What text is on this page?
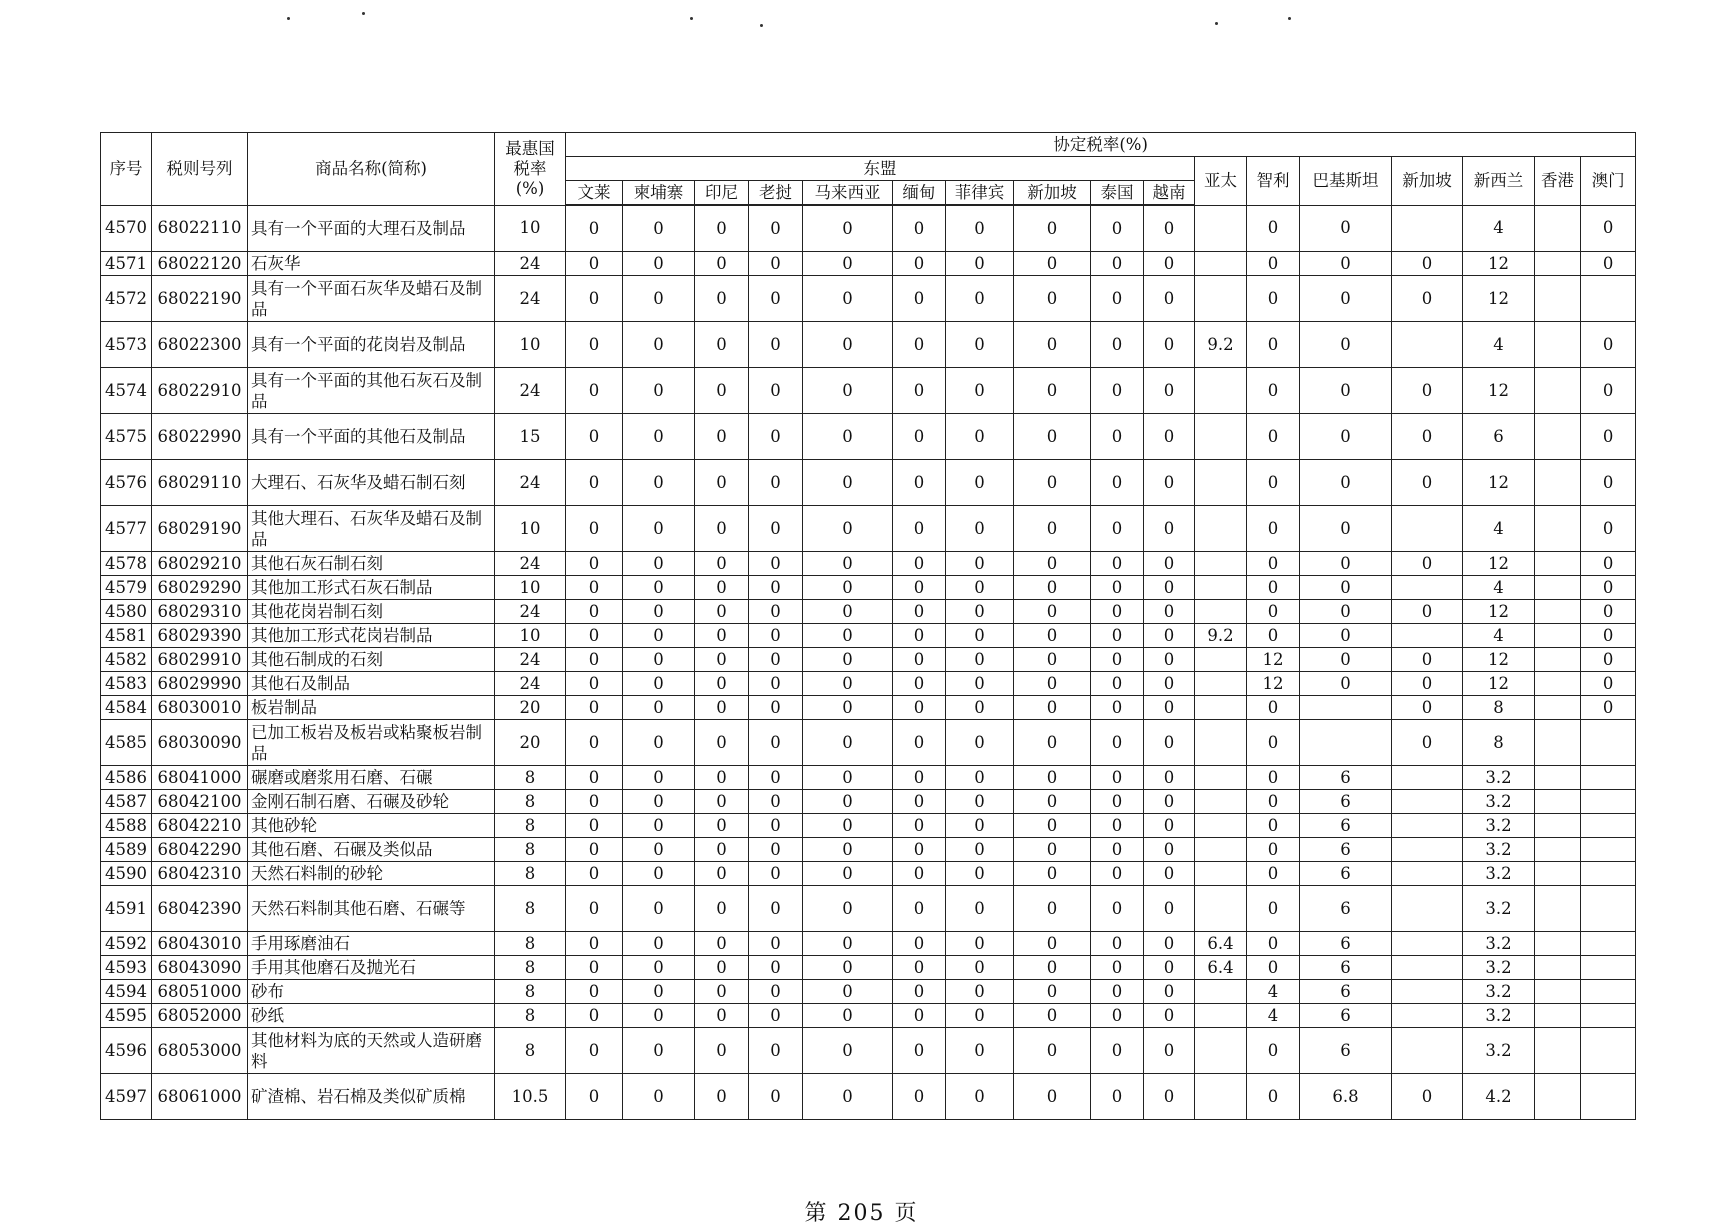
序号	税则号列	商品名称(简称)	最惠国
税率
(%)	协定税率(%)																
				东盟										亚太	智利	巴基斯坦	新加坡	新西兰	香港	澳门
				文莱	柬埔寨	印尼	老挝	马来西亚	缅甸	菲律宾	新加坡	泰国	越南							
4570	68022110	具有一个平面的大理石及制品	10	0	0	0	0	0	0	0	0	0	0		0	0		4		0
4571	68022120	石灰华	24	0	0	0	0	0	0	0	0	0	0		0	0	0	12		0
4572	68022190	具有一个平面石灰华及蜡石及制品	24	0	0	0	0	0	0	0	0	0	0		0	0	0	12		
4573	68022300	具有一个平面的花岗岩及制品	10	0	0	0	0	0	0	0	0	0	0	9.2	0	0		4		0
4574	68022910	具有一个平面的其他石灰石及制品	24	0	0	0	0	0	0	0	0	0	0		0	0	0	12		0
4575	68022990	具有一个平面的其他石及制品	15	0	0	0	0	0	0	0	0	0	0		0	0	0	6		0
4576	68029110	大理石、石灰华及蜡石制石刻	24	0	0	0	0	0	0	0	0	0	0		0	0	0	12		0
4577	68029190	其他大理石、石灰华及蜡石及制品	10	0	0	0	0	0	0	0	0	0	0		0	0		4		0
4578	68029210	其他石灰石制石刻	24	0	0	0	0	0	0	0	0	0	0		0	0	0	12		0
4579	68029290	其他加工形式石灰石制品	10	0	0	0	0	0	0	0	0	0	0		0	0		4		0
4580	68029310	其他花岗岩制石刻	24	0	0	0	0	0	0	0	0	0	0		0	0	0	12		0
4581	68029390	其他加工形式花岗岩制品	10	0	0	0	0	0	0	0	0	0	0	9.2	0	0		4		0
4582	68029910	其他石制成的石刻	24	0	0	0	0	0	0	0	0	0	0		12	0	0	12		0
4583	68029990	其他石及制品	24	0	0	0	0	0	0	0	0	0	0		12	0	0	12		0
4584	68030010	板岩制品	20	0	0	0	0	0	0	0	0	0	0		0		0	8		0
4585	68030090	已加工板岩及板岩或粘聚板岩制品	20	0	0	0	0	0	0	0	0	0	0		0		0	8		
4586	68041000	碾磨或磨浆用石磨、石碾	8	0	0	0	0	0	0	0	0	0	0		0	6		3.2		
4587	68042100	金刚石制石磨、石碾及砂轮	8	0	0	0	0	0	0	0	0	0	0		0	6		3.2		
4588	68042210	其他砂轮	8	0	0	0	0	0	0	0	0	0	0		0	6		3.2		
4589	68042290	其他石磨、石碾及类似品	8	0	0	0	0	0	0	0	0	0	0		0	6		3.2		
4590	68042310	天然石料制的砂轮	8	0	0	0	0	0	0	0	0	0	0		0	6		3.2		
4591	68042390	天然石料制其他石磨、石碾等	8	0	0	0	0	0	0	0	0	0	0		0	6		3.2		
4592	68043010	手用琢磨油石	8	0	0	0	0	0	0	0	0	0	0	6.4	0	6		3.2		
4593	68043090	手用其他磨石及抛光石	8	0	0	0	0	0	0	0	0	0	0	6.4	0	6		3.2		
4594	68051000	砂布	8	0	0	0	0	0	0	0	0	0	0		4	6		3.2		
4595	68052000	砂纸	8	0	0	0	0	0	0	0	0	0	0		4	6		3.2		
4596	68053000	其他材料为底的天然或人造研磨料	8	0	0	0	0	0	0	0	0	0	0		0	6		3.2		
4597	68061000	矿渣棉、岩石棉及类似矿质棉	10.5	0	0	0	0	0	0	0	0	0	0		0	6.8	0	4.2		
第 205 页
